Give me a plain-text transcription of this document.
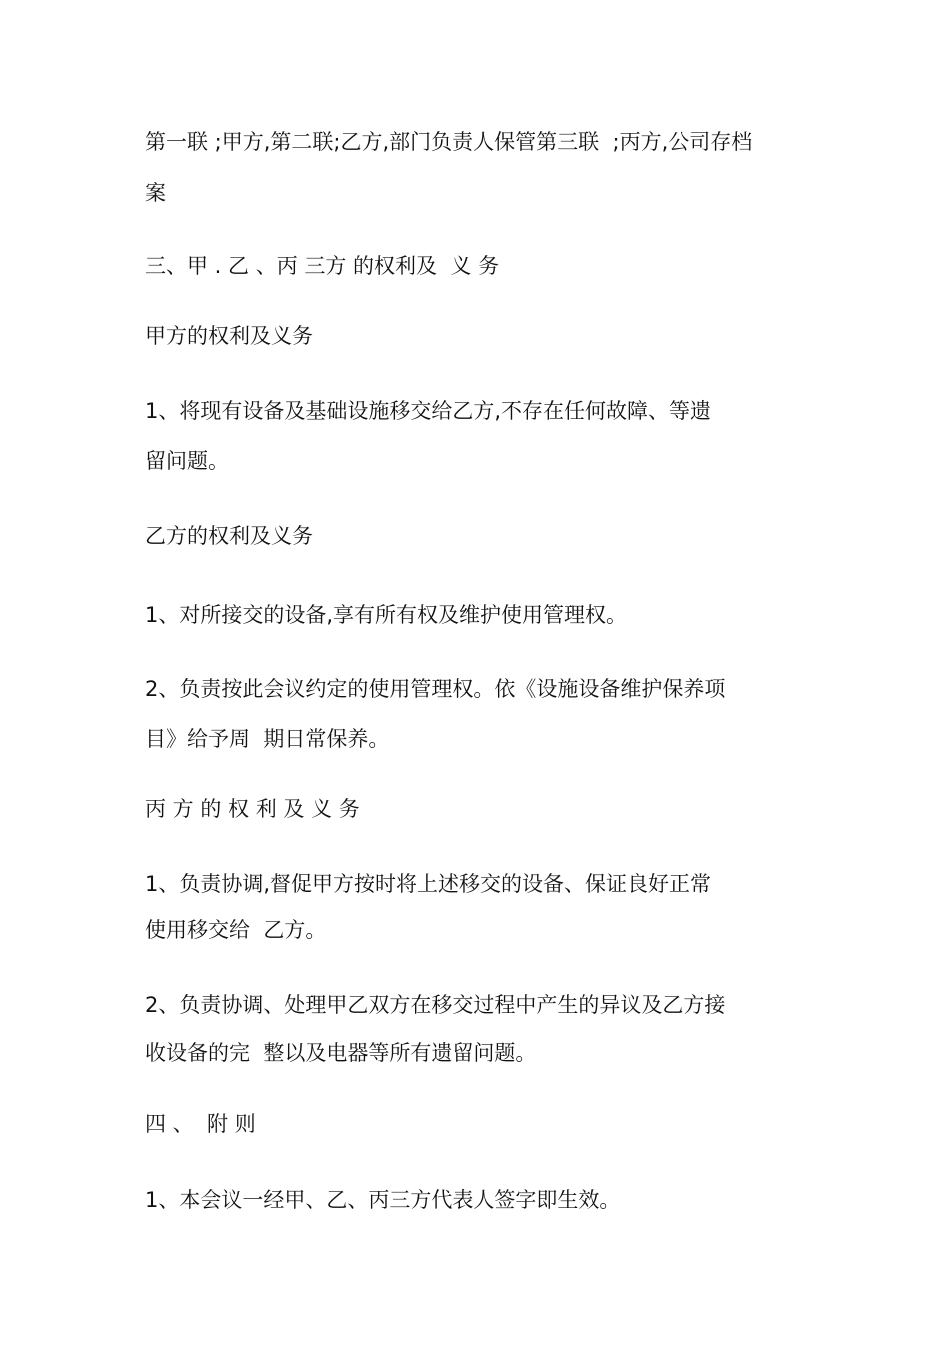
第一联 ;甲方,第二联;乙方,部门负责人保管第三联  ;丙方,公司存档

案

三、甲 . 乙 、丙 三方 的权利及  义 务

甲方的权利及义务

1、将现有设备及基础设施移交给乙方,不存在任何故障、等遗

留问题。

乙方的权利及义务

1、对所接交的设备,享有所有权及维护使用管理权。

2、负责按此会议约定的使用管理权。依《设施设备维护保养项

目》给予周  期日常保养。

丙 方 的 权 利 及 义 务

1、负责协调,督促甲方按时将上述移交的设备、保证良好正常

使用移交给  乙方。

2、负责协调、处理甲乙双方在移交过程中产生的异议及乙方接

收设备的完  整以及电器等所有遗留问题。

四 、  附 则

1、本会议一经甲、乙、丙三方代表人签字即生效。
